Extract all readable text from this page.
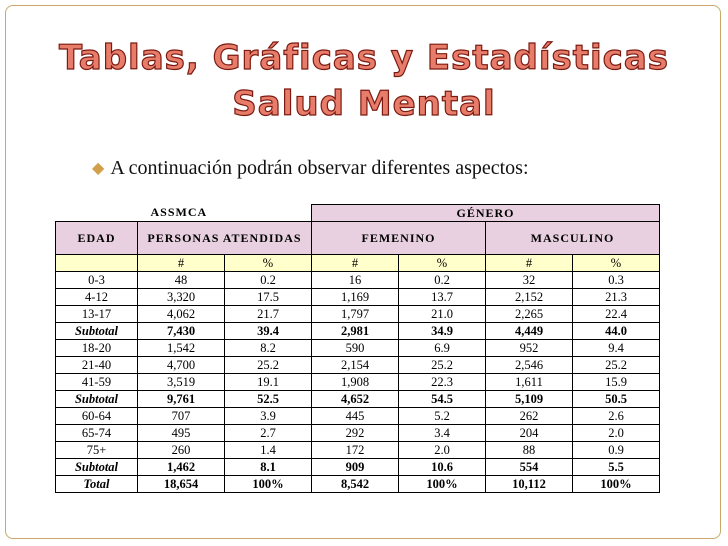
Tablas, Gráficas y Estadísticas
Salud Mental
◆ A continuación podrán observar diferentes aspectos:
ASSMCA			GÉNERO			
EDAD	PERSONAS ATENDIDAS		FEMENINO		MASCULINO	
	#	%	#	%	#	%
0-3	48	0.2	16	0.2	32	0.3
4-12	3,320	17.5	1,169	13.7	2,152	21.3
13-17	4,062	21.7	1,797	21.0	2,265	22.4
Subtotal	7,430	39.4	2,981	34.9	4,449	44.0
18-20	1,542	8.2	590	6.9	952	9.4
21-40	4,700	25.2	2,154	25.2	2,546	25.2
41-59	3,519	19.1	1,908	22.3	1,611	15.9
Subtotal	9,761	52.5	4,652	54.5	5,109	50.5
60-64	707	3.9	445	5.2	262	2.6
65-74	495	2.7	292	3.4	204	2.0
75+	260	1.4	172	2.0	88	0.9
Subtotal	1,462	8.1	909	10.6	554	5.5
Total	18,654	100%	8,542	100%	10,112	100%
